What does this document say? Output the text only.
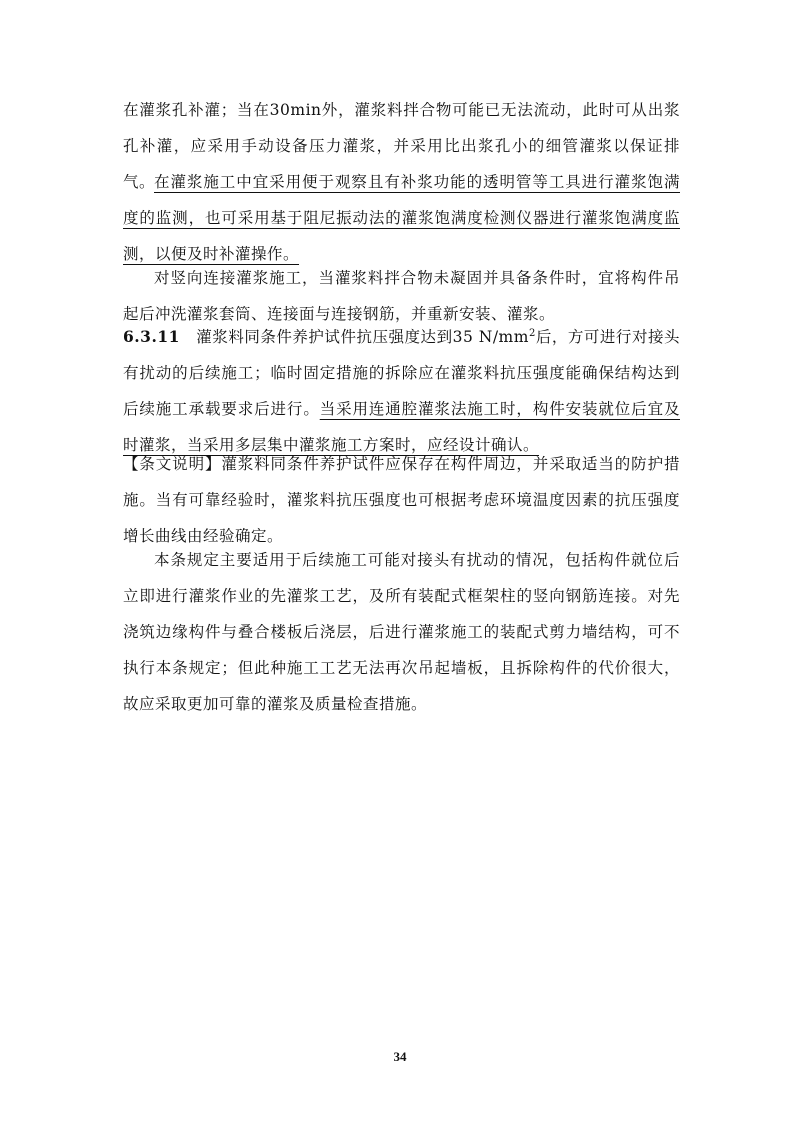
在灌浆孔补灌；当在30min外，灌浆料拌合物可能已无法流动，此时可从出浆孔补灌，应采用手动设备压力灌浆，并采用比出浆孔小的细管灌浆以保证排气。

在灌浆施工中宜采用便于观察且有补浆功能的透明管等工具进行灌浆饱满度的监测，也可采用基于阻尼振动法的灌浆饱满度检测仪器进行灌浆饱满度监测，以便及时补灌操作。

对竖向连接灌浆施工，当灌浆料拌合物未凝固并具备条件时，宜将构件吊起后冲洗灌浆套筒、连接面与连接钢筋，并重新安装、灌浆。

6.3.11 灌浆料同条件养护试件抗压强度达到35 $N/mm^2$后，方可进行对接头有扰动的后续施工；临时固定措施的拆除应在灌浆料抗压强度能确保结构达到后续施工承载要求后进行。当采用连通腔灌浆法施工时，构件安装就位后宜及时灌浆，当采用多层集中灌浆施工方案时，应经设计确认。

【条文说明】灌浆料同条件养护试件应保存在构件周边，并采取适当的防护措施。当有可靠经验时，灌浆料抗压强度也可根据考虑环境温度因素的抗压强度增长曲线由经验确定。

本条规定主要适用于后续施工可能对接头有扰动的情况，包括构件就位后立即进行灌浆作业的先灌浆工艺，及所有装配式框架柱的竖向钢筋连接。对先浇筑边缘构件与叠合楼板后浇层，后进行灌浆施工的装配式剪力墙结构，可不执行本条规定；但此种施工工艺无法再次吊起墙板，且拆除构件的代价很大，故应采取更加可靠的灌浆及质量检查措施。

34
